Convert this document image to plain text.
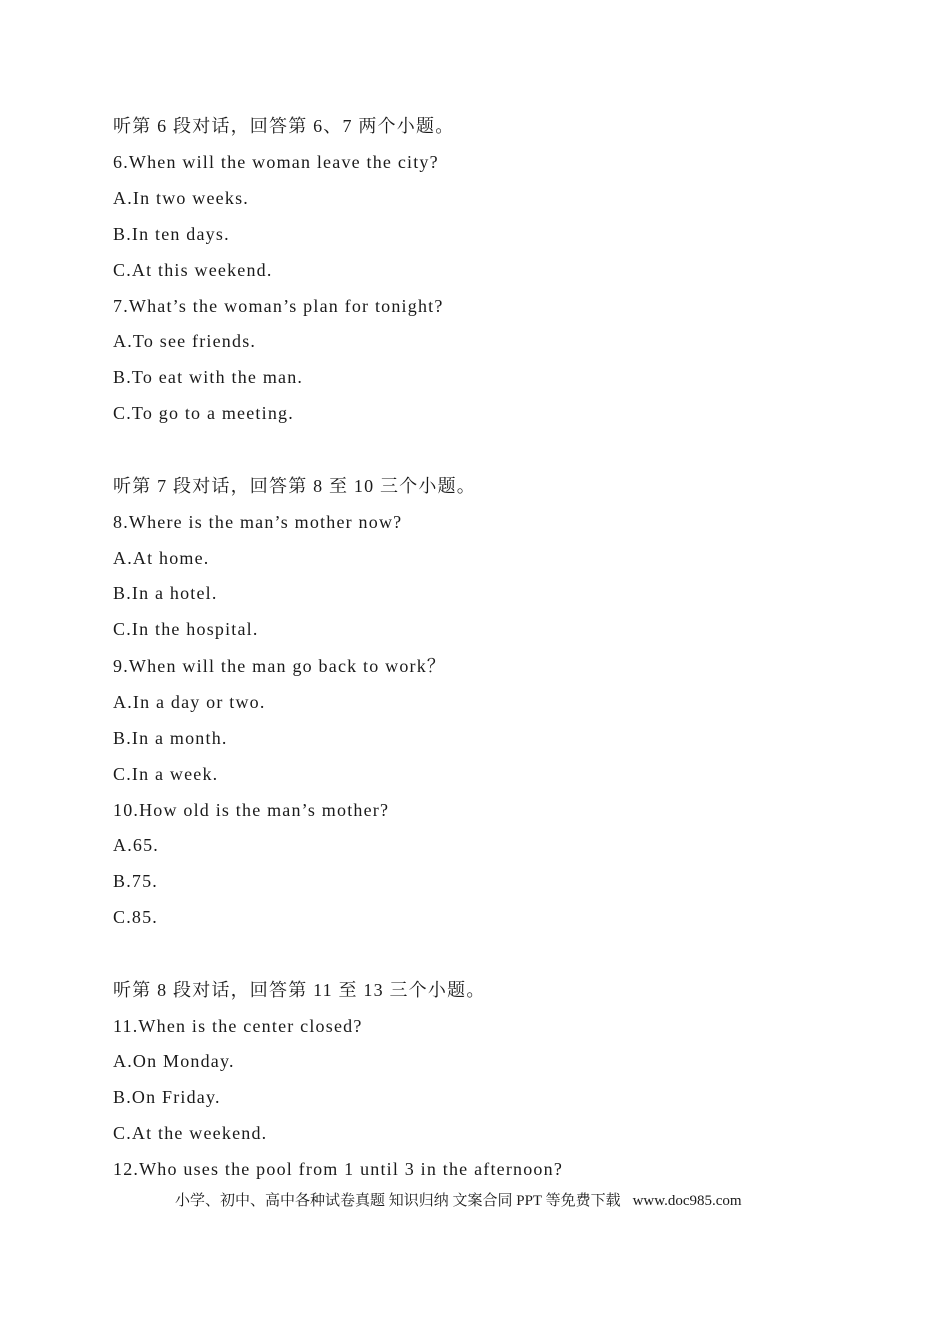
听第 6 段对话，回答第 6、7 两个小题。
6.When will the woman leave the city?
A.In two weeks.
B.In ten days.
C.At this weekend.
7.What’s the woman’s plan for tonight?
A.To see friends.
B.To eat with the man.
C.To go to a meeting.
听第 7 段对话，回答第 8 至 10 三个小题。
8.Where is the man’s mother now?
A.At home.
B.In a hotel.
C.In the hospital.
9.When will the man go back to work？
A.In a day or two.
B.In a month.
C.In a week.
10.How old is the man’s mother?
A.65.
B.75.
C.85.
听第 8 段对话，回答第 11 至 13 三个小题。
11.When is the center closed?
A.On Monday.
B.On Friday.
C.At the weekend.
12.Who uses the pool from 1 until 3 in the afternoon?
小学、初中、高中各种试卷真题 知识归纳 文案合同 PPT 等免费下载 www.doc985.com
